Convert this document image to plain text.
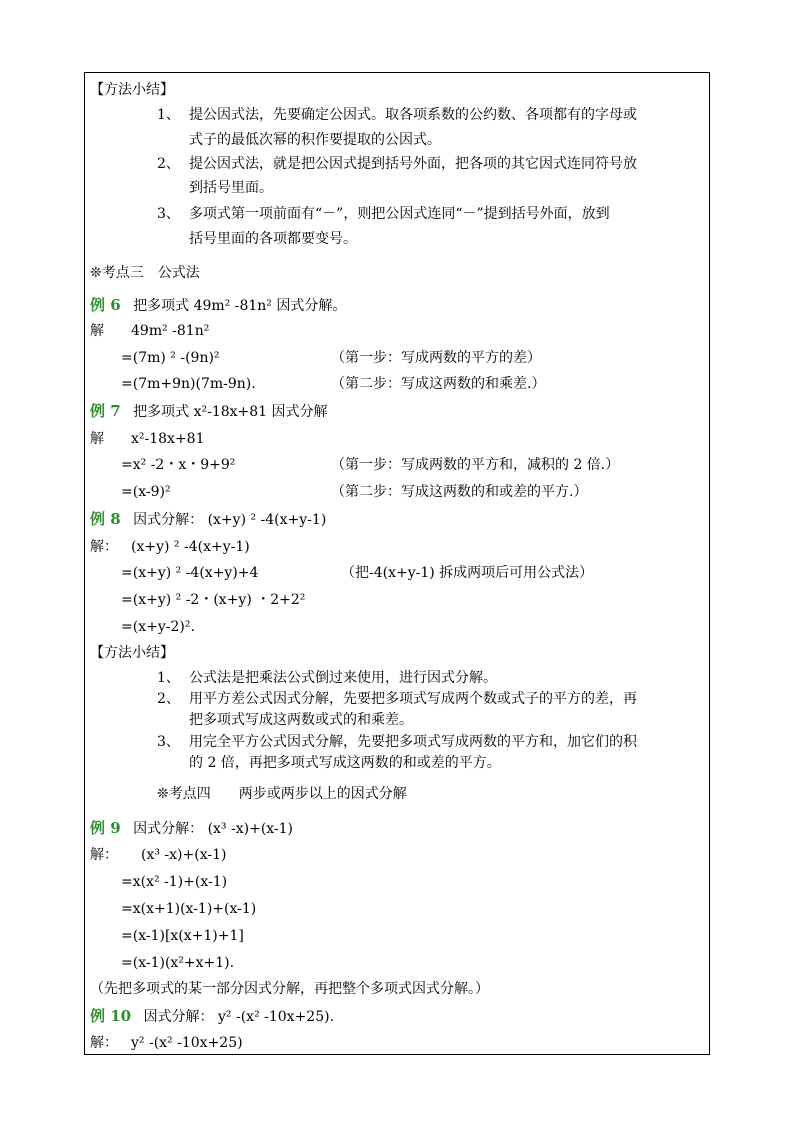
【方法小结】
1、 提公因式法，先要确定公因式。取各项系数的公约数、各项都有的字母或
式子的最低次幂的积作要提取的公因式。
2、 提公因式法，就是把公因式提到括号外面，把各项的其它因式连同符号放
到括号里面。
3、 多项式第一项前面有“－”，则把公因式连同“－”提到括号外面，放到
括号里面的各项都要变号。
❊考点三　公式法
例 6 把多项式 49m² -81n² 因式分解。
解 49m² -81n²
=(7m) ² -(9n)²	（第一步：写成两数的平方的差）
=(7m+9n)(7m-9n).	（第二步：写成这两数的和乘差.）
例 7 把多项式 x²-18x+81 因式分解
解 x²-18x+81
=x² -2・x・9+9²	（第一步：写成两数的平方和，减积的 2 倍.）
=(x-9)²	（第二步：写成这两数的和或差的平方.）
例 8 因式分解： (x+y) ² -4(x+y-1)
解： (x+y) ² -4(x+y-1)
=(x+y) ² -4(x+y)+4	（把-4(x+y-1) 拆成两项后可用公式法）
=(x+y) ² -2・(x+y) ・2+2²
=(x+y-2)².
【方法小结】
1、 公式法是把乘法公式倒过来使用，进行因式分解。
2、 用平方差公式因式分解，先要把多项式写成两个数或式子的平方的差，再
把多项式写成这两数或式的和乘差。
3、 用完全平方公式因式分解，先要把多项式写成两数的平方和，加它们的积
的 2 倍，再把多项式写成这两数的和或差的平方。
❊考点四　　两步或两步以上的因式分解
例 9 因式分解： (x³ -x)+(x-1)
解： (x³ -x)+(x-1)
=x(x² -1)+(x-1)
=x(x+1)(x-1)+(x-1)
=(x-1)[x(x+1)+1]
=(x-1)(x²+x+1).
（先把多项式的某一部分因式分解，再把整个多项式因式分解。）
例 10 因式分解： y² -(x² -10x+25).
解： y² -(x² -10x+25)
